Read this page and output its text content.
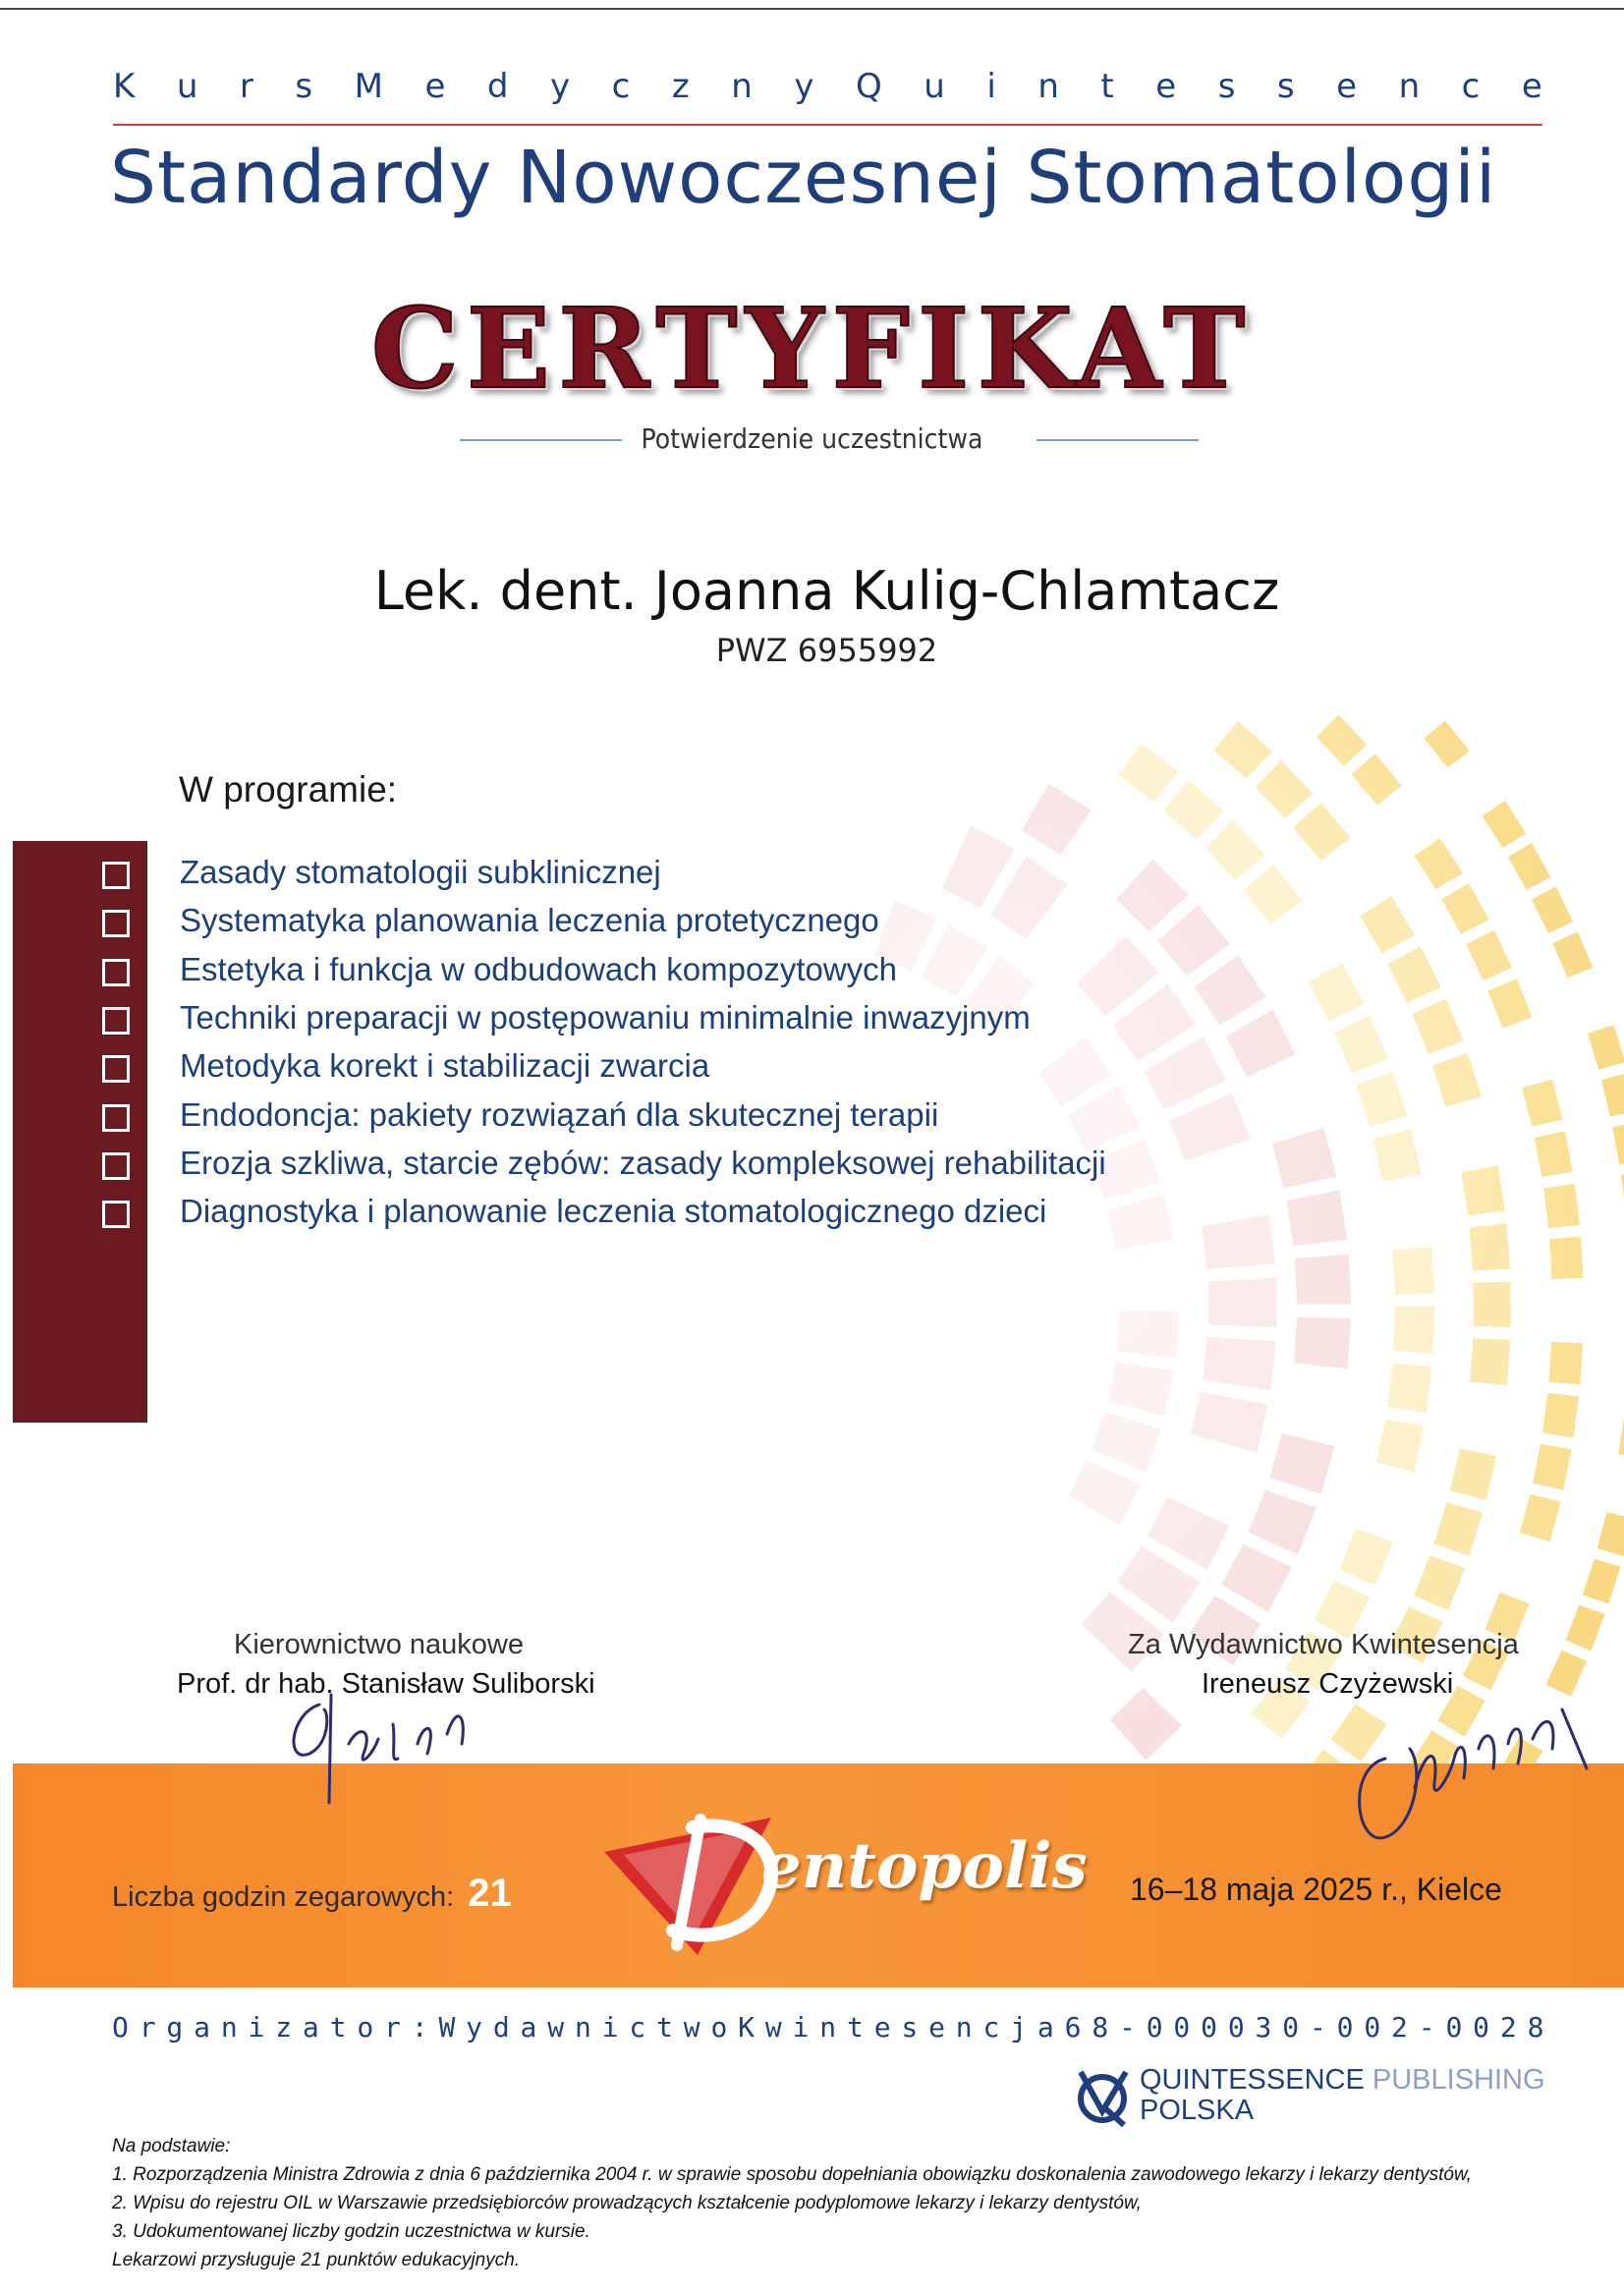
K u r s M e d y c z n y Q u i n t e s s e n c e
Standardy Nowoczesnej Stomatologii
CERTYFIKAT
Potwierdzenie uczestnictwa
Lek. dent. Joanna Kulig-Chlamtacz
PWZ 6955992
W programie:
Zasady stomatologii subklinicznej
Systematyka planowania leczenia protetycznego
Estetyka i funkcja w odbudowach kompozytowych
Techniki preparacji w postępowaniu minimalnie inwazyjnym
Metodyka korekt i stabilizacji zwarcia
Endodoncja: pakiety rozwiązań dla skutecznej terapii
Erozja szkliwa, starcie zębów: zasady kompleksowej rehabilitacji
Diagnostyka i planowanie leczenia stomatologicznego dzieci
Kierownictwo naukowe
Prof. dr hab. Stanisław Suliborski
Za Wydawnictwo Kwintesencja
Ireneusz Czyżewski
Liczba godzin zegarowych: 21	entopolis 16–18 maja 2025 r., Kielce
O r g a n i z a t o r : W y d a w n i c t w o K w i n t e s e n c j a 6 8 - 0 0 0 0 3 0 - 0 0 2 - 0 0 2 8
QUINTESSENCE PUBLISHING
POLSKA
Na podstawie:
1. Rozporządzenia Ministra Zdrowia z dnia 6 października 2004 r. w sprawie sposobu dopełniania obowiązku doskonalenia zawodowego lekarzy i lekarzy dentystów,
2. Wpisu do rejestru OIL w Warszawie przedsiębiorców prowadzących kształcenie podyplomowe lekarzy i lekarzy dentystów,
3. Udokumentowanej liczby godzin uczestnictwa w kursie.
Lekarzowi przysługuje 21 punktów edukacyjnych.
